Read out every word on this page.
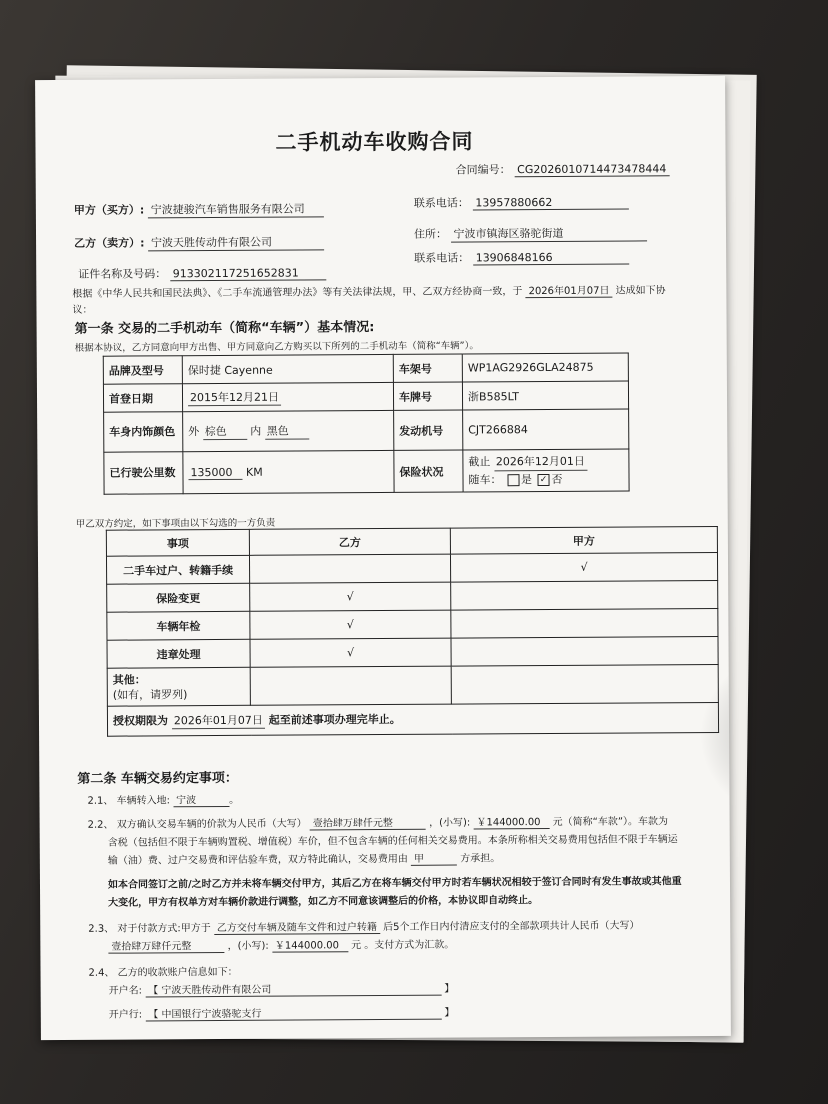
二手机动车收购合同
合同编号： CG2026010714473478444
甲方（买方）: 宁波捷骏汽车销售服务有限公司	联系电话： 13957880662
乙方（卖方）: 宁波天胜传动件有限公司
住所： 宁波市镇海区骆驼街道
证件名称及号码： 913302117251652831
联系电话： 13906848166
根据《中华人民共和国民法典》、《二手车流通管理办法》等有关法律法规，甲、乙双方经协商一致，于 2026年01月07日 达成如下协
议：
第一条 交易的二手机动车（简称“车辆”）基本情况:
根据本协议，乙方同意向甲方出售、甲方同意向乙方购买以下所列的二手机动车（简称“车辆”）。
品牌及型号	保时捷 Cayenne	车架号	WP1AG2926GLA24875
首登日期	2015年12月21日	车牌号	浙B585LT
车身内饰颜色	外 棕色 内 黑色	发动机号	CJT266884
已行驶公里数	135000 KM	保险状况	截止 2026年12月01日
随车： 是 ✓ 否
甲乙双方约定，如下事项由以下勾选的一方负责
事项	乙方	甲方
二手车过户、转籍手续		√
保险变更	√	
车辆年检	√	
违章处理	√	
其他：
(如有，请罗列)		
授权期限为 2026年01月07日 起至前述事项办理完毕止。		
第二条 车辆交易约定事项：
2.1、 车辆转入地: 宁波	。
2.2、 双方确认交易车辆的价款为人民币（大写） 壹拾肆万肆仟元整	，(小写): ￥144000.00 元（简称“车款”）。车款为
含税（包括但不限于车辆购置税、增值税）车价，但不包含车辆的任何相关交易费用。本条所称相关交易费用包括但不限于车辆运
输（油）费、过户交易费和评估验车费，双方特此确认，交易费用由 甲	方承担。
如本合同签订之前/之时乙方并未将车辆交付甲方，其后乙方在将车辆交付甲方时若车辆状况相较于签订合同时有发生事故或其他重
大变化，甲方有权单方对车辆价款进行调整，如乙方不同意该调整后的价格，本协议即自动终止。
2.3、 对于付款方式:甲方于 乙方交付车辆及随车文件和过户转籍 后5个工作日内付清应支付的全部款项共计人民币（大写）
壹拾肆万肆仟元整	，(小写): ￥144000.00 元 。支付方式为汇款。
2.4、 乙方的收款账户信息如下：
开户名: 【 宁波天胜传动件有限公司	】
开户行: 【 中国银行宁波骆驼支行	】
